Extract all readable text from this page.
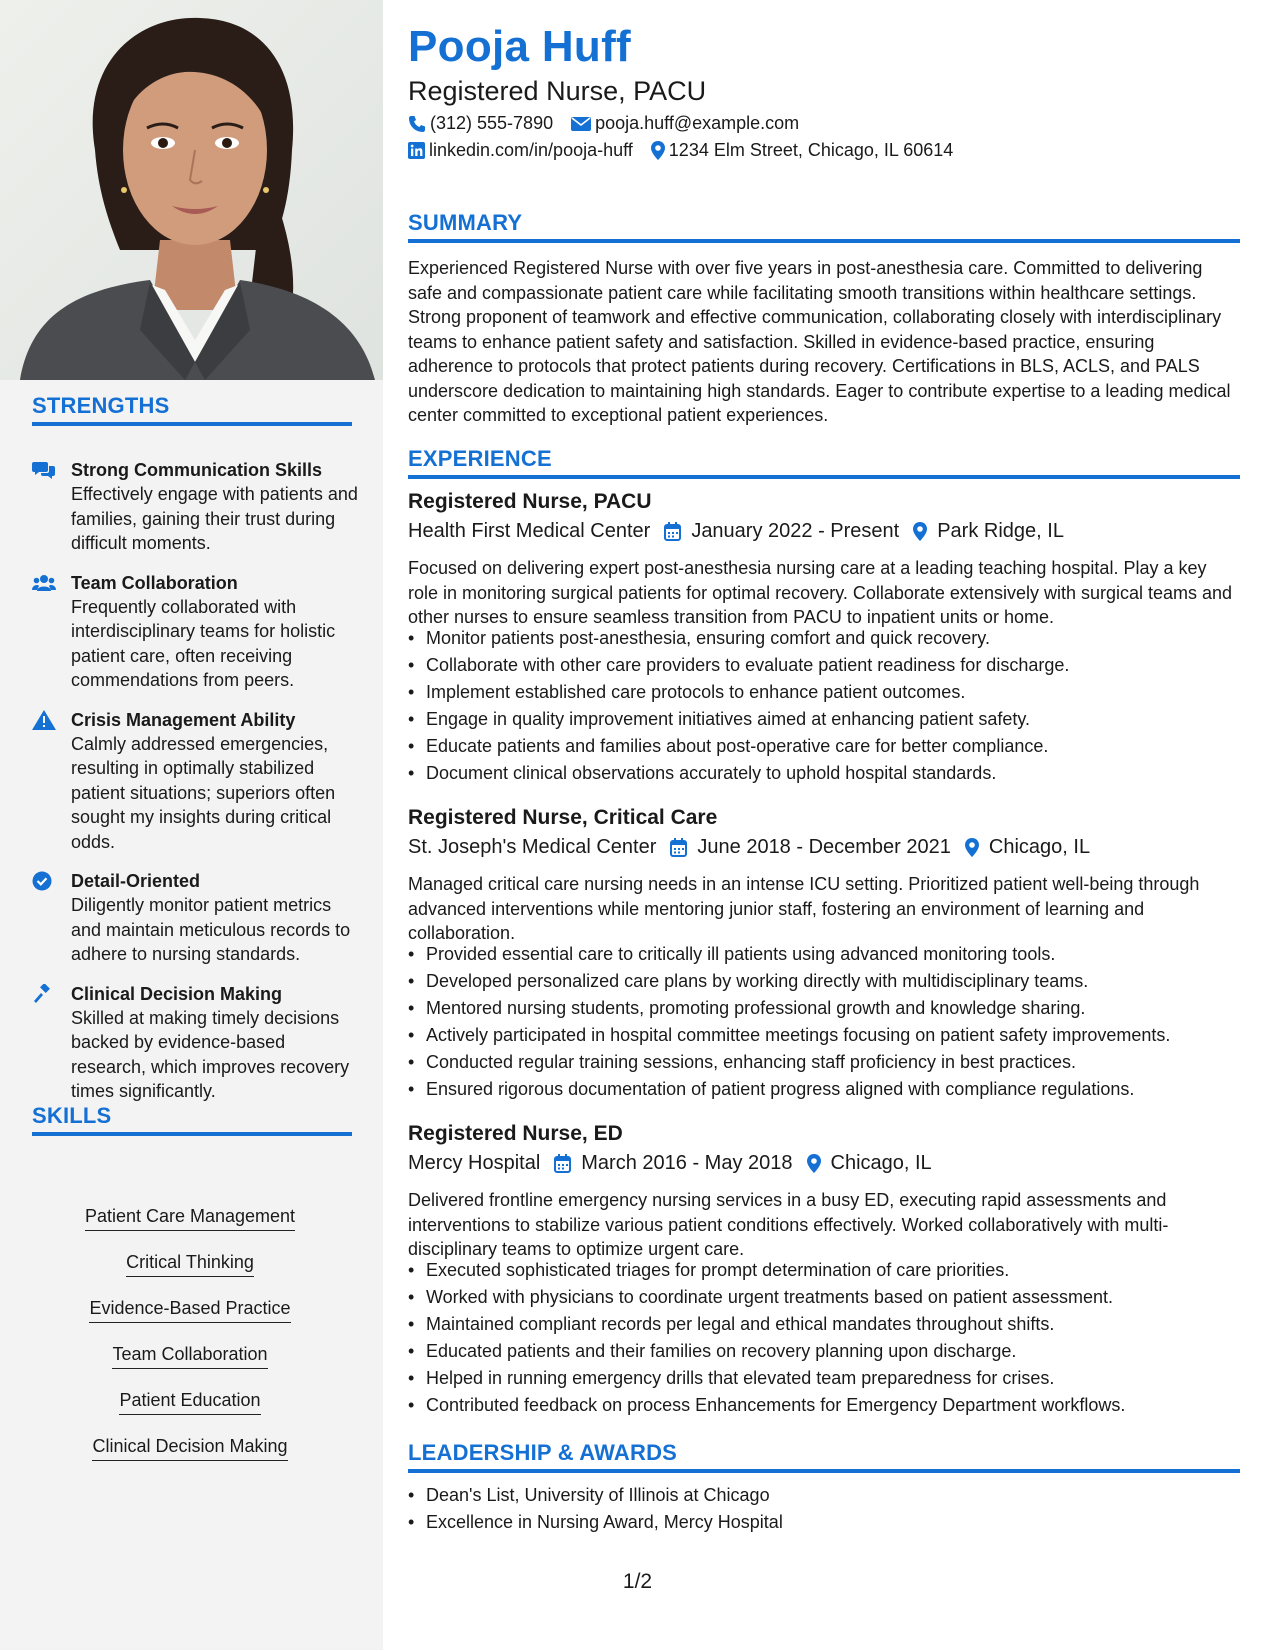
STRENGTHS
Strong Communication Skills
Effectively engage with patients and families, gaining their trust during difficult moments.
Team Collaboration
Frequently collaborated with interdisciplinary teams for holistic patient care, often receiving commendations from peers.
Crisis Management Ability
Calmly addressed emergencies, resulting in optimally stabilized patient situations; superiors often sought my insights during critical odds.
Detail-Oriented
Diligently monitor patient metrics and maintain meticulous records to adhere to nursing standards.
Clinical Decision Making
Skilled at making timely decisions backed by evidence-based research, which improves recovery times significantly.
SKILLS
Patient Care Management
Critical Thinking
Evidence-Based Practice
Team Collaboration
Patient Education
Clinical Decision Making
Pooja Huff
Registered Nurse, PACU
(312) 555-7890 pooja.huff@example.com
linkedin.com/in/pooja-huff 1234 Elm Street, Chicago, IL 60614
SUMMARY
Experienced Registered Nurse with over five years in post-anesthesia care. Committed to delivering safe and compassionate patient care while facilitating smooth transitions within healthcare settings. Strong proponent of teamwork and effective communication, collaborating closely with interdisciplinary teams to enhance patient safety and satisfaction. Skilled in evidence-based practice, ensuring adherence to protocols that protect patients during recovery. Certifications in BLS, ACLS, and PALS underscore dedication to maintaining high standards. Eager to contribute expertise to a leading medical center committed to exceptional patient experiences.
EXPERIENCE
Registered Nurse, PACU
Health First Medical Center January 2022 - Present Park Ridge, IL
Focused on delivering expert post-anesthesia nursing care at a leading teaching hospital. Play a key role in monitoring surgical patients for optimal recovery. Collaborate extensively with surgical teams and other nurses to ensure seamless transition from PACU to inpatient units or home.
• Monitor patients post-anesthesia, ensuring comfort and quick recovery.
• Collaborate with other care providers to evaluate patient readiness for discharge.
• Implement established care protocols to enhance patient outcomes.
• Engage in quality improvement initiatives aimed at enhancing patient safety.
• Educate patients and families about post-operative care for better compliance.
• Document clinical observations accurately to uphold hospital standards.
Registered Nurse, Critical Care
St. Joseph's Medical Center June 2018 - December 2021 Chicago, IL
Managed critical care nursing needs in an intense ICU setting. Prioritized patient well-being through advanced interventions while mentoring junior staff, fostering an environment of learning and collaboration.
• Provided essential care to critically ill patients using advanced monitoring tools.
• Developed personalized care plans by working directly with multidisciplinary teams.
• Mentored nursing students, promoting professional growth and knowledge sharing.
• Actively participated in hospital committee meetings focusing on patient safety improvements.
• Conducted regular training sessions, enhancing staff proficiency in best practices.
• Ensured rigorous documentation of patient progress aligned with compliance regulations.
Registered Nurse, ED
Mercy Hospital March 2016 - May 2018 Chicago, IL
Delivered frontline emergency nursing services in a busy ED, executing rapid assessments and interventions to stabilize various patient conditions effectively. Worked collaboratively with multi-disciplinary teams to optimize urgent care.
• Executed sophisticated triages for prompt determination of care priorities.
• Worked with physicians to coordinate urgent treatments based on patient assessment.
• Maintained compliant records per legal and ethical mandates throughout shifts.
• Educated patients and their families on recovery planning upon discharge.
• Helped in running emergency drills that elevated team preparedness for crises.
• Contributed feedback on process Enhancements for Emergency Department workflows.
LEADERSHIP & AWARDS
• Dean's List, University of Illinois at Chicago
• Excellence in Nursing Award, Mercy Hospital
1/2
